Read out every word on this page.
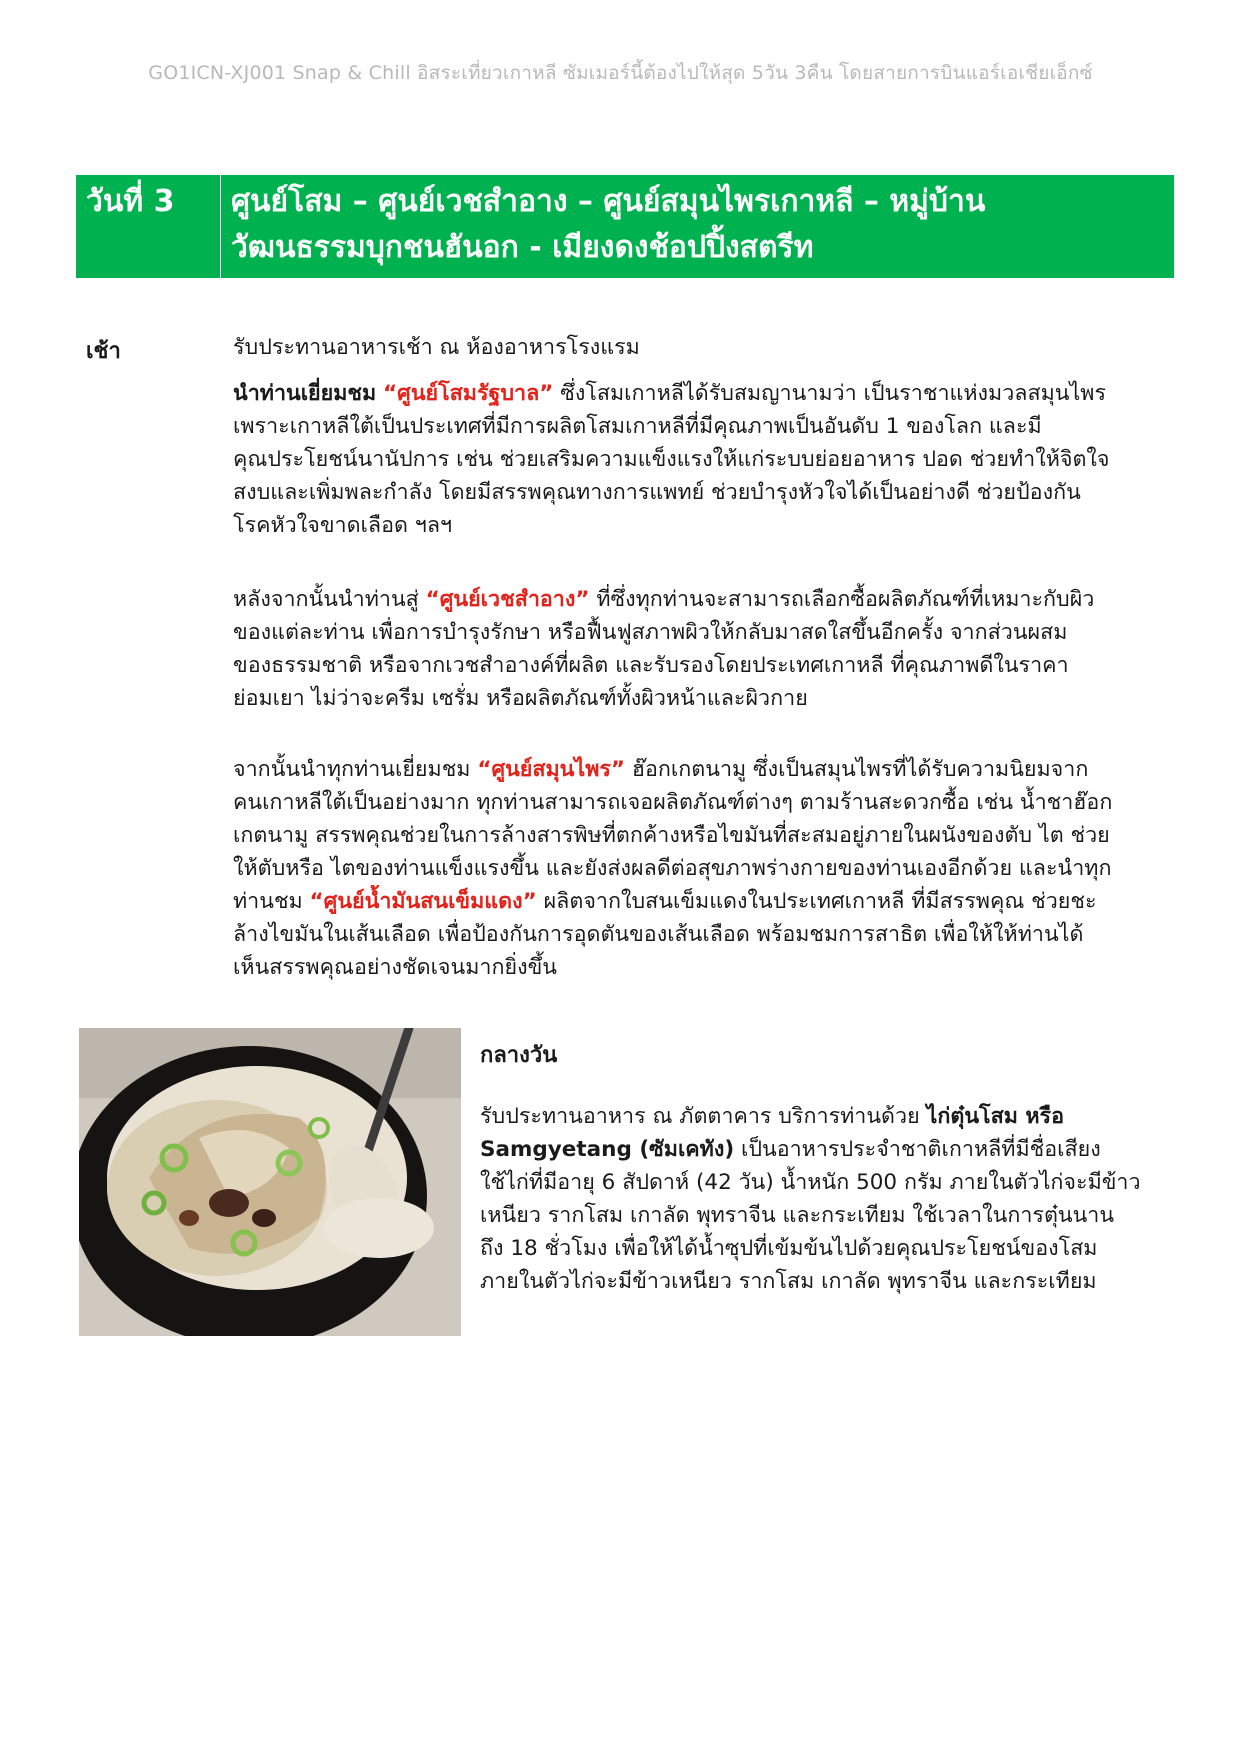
GO1ICN-XJ001 Snap & Chill อิสระเที่ยวเกาหลี ซัมเมอร์นี้ต้องไปให้สุด 5วัน 3คืน โดยสายการบินแอร์เอเชียเอ็กซ์
วันที่ 3	ศูนย์โสม – ศูนย์เวชสำอาง – ศูนย์สมุนไพรเกาหลี – หมู่บ้าน
วัฒนธรรมบุกชนฮันอก - เมียงดงช้อปปิ้งสตรีท
เช้า	รับประทานอาหารเช้า ณ ห้องอาหารโรงแรม
นำท่านเยี่ยมชม “ศูนย์โสมรัฐบาล” ซึ่งโสมเกาหลีได้รับสมญานามว่า เป็นราชาแห่งมวลสมุนไพร
เพราะเกาหลีใต้เป็นประเทศที่มีการผลิตโสมเกาหลีที่มีคุณภาพเป็นอันดับ 1 ของโลก และมี
คุณประโยชน์นานัปการ เช่น ช่วยเสริมความแข็งแรงให้แก่ระบบย่อยอาหาร ปอด ช่วยทำให้จิตใจ
สงบและเพิ่มพละกำลัง โดยมีสรรพคุณทางการแพทย์ ช่วยบำรุงหัวใจได้เป็นอย่างดี ช่วยป้องกัน
โรคหัวใจขาดเลือด ฯลฯ
หลังจากนั้นนำท่านสู่ “ศูนย์เวชสำอาง” ที่ซึ่งทุกท่านจะสามารถเลือกซื้อผลิตภัณฑ์ที่เหมาะกับผิว
ของแต่ละท่าน เพื่อการบำรุงรักษา หรือฟื้นฟูสภาพผิวให้กลับมาสดใสขึ้นอีกครั้ง จากส่วนผสม
ของธรรมชาติ หรือจากเวชสำอางค์ที่ผลิต และรับรองโดยประเทศเกาหลี ที่คุณภาพดีในราคา
ย่อมเยา ไม่ว่าจะครีม เซรั่ม หรือผลิตภัณฑ์ทั้งผิวหน้าและผิวกาย
จากนั้นนำทุกท่านเยี่ยมชม “ศูนย์สมุนไพร” ฮ๊อกเกตนามู ซึ่งเป็นสมุนไพรที่ได้รับความนิยมจาก
คนเกาหลีใต้เป็นอย่างมาก ทุกท่านสามารถเจอผลิตภัณฑ์ต่างๆ ตามร้านสะดวกซื้อ เช่น น้ำชาฮ๊อก
เกตนามู สรรพคุณช่วยในการล้างสารพิษที่ตกค้างหรือไขมันที่สะสมอยู่ภายในผนังของตับ ไต ช่วย
ให้ตับหรือ ไตของท่านแข็งแรงขึ้น และยังส่งผลดีต่อสุขภาพร่างกายของท่านเองอีกด้วย และนำทุก
ท่านชม “ศูนย์น้ำมันสนเข็มแดง” ผลิตจากใบสนเข็มแดงในประเทศเกาหลี ที่มีสรรพคุณ ช่วยชะ
ล้างไขมันในเส้นเลือด เพื่อป้องกันการอุดตันของเส้นเลือด พร้อมชมการสาธิต เพื่อให้ให้ท่านได้
เห็นสรรพคุณอย่างชัดเจนมากยิ่งขึ้น
กลางวัน
รับประทานอาหาร ณ ภัตตาคาร บริการท่านด้วย ไก่ตุ๋นโสม หรือ
Samgyetang (ซัมเคทัง) เป็นอาหารประจำชาติเกาหลีที่มีชื่อเสียง
ใช้ไก่ที่มีอายุ 6 สัปดาห์ (42 วัน) น้ำหนัก 500 กรัม ภายในตัวไก่จะมีข้าว
เหนียว รากโสม เกาลัด พุทราจีน และกระเทียม ใช้เวลาในการตุ๋นนาน
ถึง 18 ชั่วโมง เพื่อให้ได้น้ำซุปที่เข้มข้นไปด้วยคุณประโยชน์ของโสม
ภายในตัวไก่จะมีข้าวเหนียว รากโสม เกาลัด พุทราจีน และกระเทียม
